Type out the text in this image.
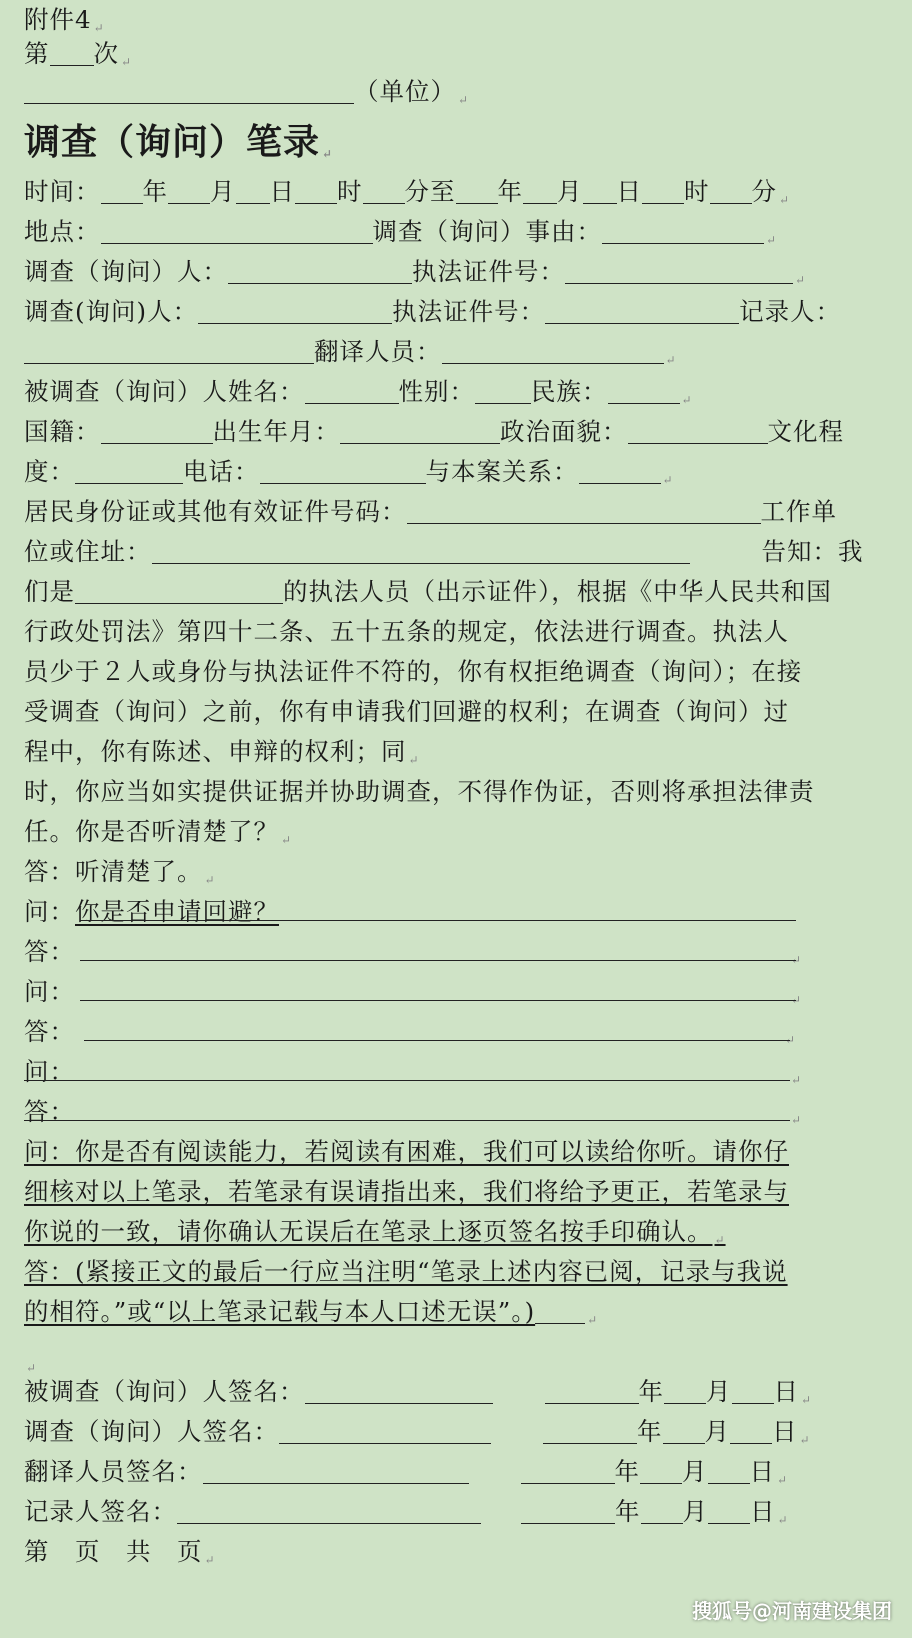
附件4 ↵
第 次 ↵
（单位） ↵
调查（询问）笔录 ↵
时间： 年 月 日 时 分至 年 月 日 时 分 ↵
地点：	调查（询问）事由：	↵
调查（询问）人：	执法证件号：	↵
调查(询问)人：	执法证件号：	记录人：
翻译人员：	↵
被调查（询问）人姓名：	性别： 民族：	↵
国籍：	出生年月：	政治面貌：	文化程
度：	电话：	与本案关系：	↵
居民身份证或其他有效证件号码：	工作单
位或住址：	告知：我
们是	的执法人员（出示证件），根据《中华人民共和国
行政处罚法》第四十二条、五十五条的规定，依法进行调查。执法人
员少于２人或身份与执法证件不符的，你有权拒绝调查（询问）；在接
受调查（询问）之前，你有申请我们回避的权利；在调查（询问）过
程中，你有陈述、申辩的权利；同 ↵
时，你应当如实提供证据并协助调查，不得作伪证，否则将承担法律责
任。你是否听清楚了？ ↵
答：听清楚了。 ↵
问：你是否申请回避？
答：	↵
问：	↵
答：	↵
问：	↵
答：	↵
问：你是否有阅读能力，若阅读有困难，我们可以读给你听。请你仔
细核对以上笔录，若笔录有误请指出来，我们将给予更正，若笔录与
你说的一致，请你确认无误后在笔录上逐页签名按手印确认。 ↵
答：(紧接正文的最后一行应当注明“笔录上述内容已阅，记录与我说
的相符。”或“以上笔录记载与本人口述无误”。)	↵
↵
被调查（询问）人签名：	年 月 日 ↵
调查（询问）人签名：	年 月 日 ↵
翻译人员签名：	年 月 日 ↵
记录人签名：	年 月 日 ↵
第　页　共　页 ↵
搜狐号@河南建设集团
